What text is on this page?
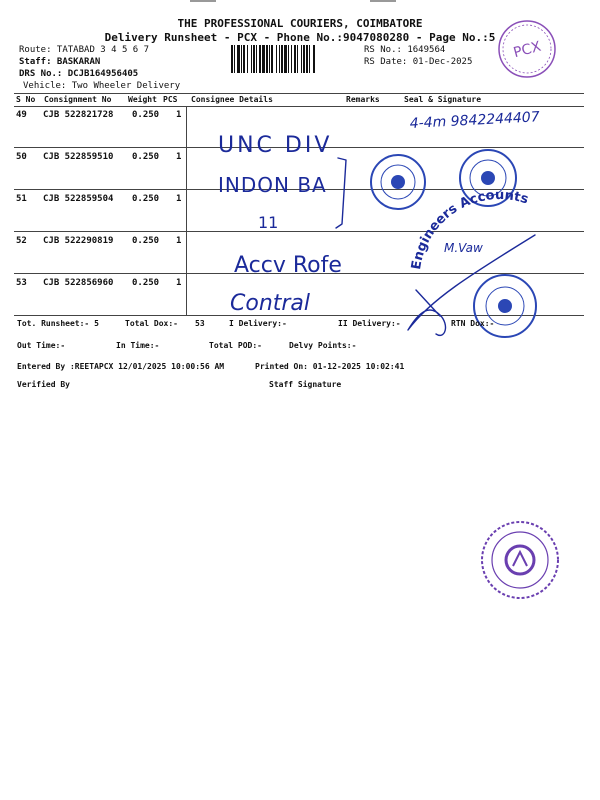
THE PROFESSIONAL COURIERS, COIMBATORE
Delivery Runsheet - PCX - Phone No.:9047080280 - Page No.:5
Route: TATABAD 3 4 5 6 7
Staff: BASKARAN
DRS No.: DCJB164956405
Vehicle: Two Wheeler Delivery
RS No.: 1649564
RS Date: 01-Dec-2025
PCX
S No Consignment No Weight PCS Consignee Details	Remarks	Seal & Signature
49 CJB 522821728 0.250 1
50 CJB 522859510 0.250 1
51 CJB 522859504 0.250 1
52 CJB 522290819 0.250 1
53 CJB 522856960 0.250 1
4-4m 9842244407
UNC DIV
INDON BA
11
Accv Rofe
Contral
M.Vaw
Engineers Accounts
Tot. Runsheet:- 5	Total Dox:- 53	I Delivery:-	II Delivery:-	RTN Dox:-
Out Time:-	In Time:-	Total POD:-	Delvy Points:-
Entered By :REETAPCX 12/01/2025 10:00:56 AM	Printed On: 01-12-2025 10:02:41
Verified By	Staff Signature
